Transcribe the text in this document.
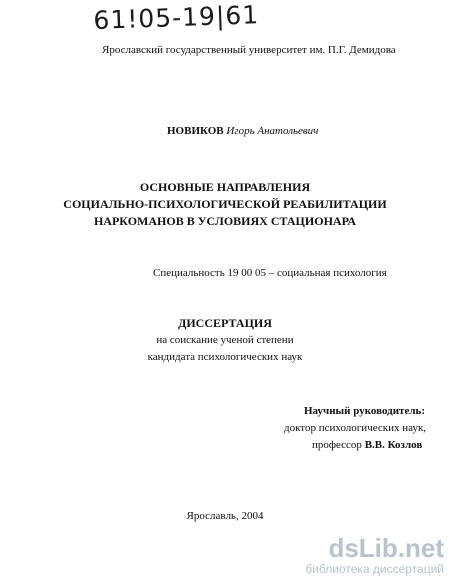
61!05-19|61
Ярославский государственный университет им. П.Г. Демидова
НОВИКОВ Игорь Анатольевич
ОСНОВНЫЕ НАПРАВЛЕНИЯ
СОЦИАЛЬНО-ПСИХОЛОГИЧЕСКОЙ РЕАБИЛИТАЦИИ
НАРКОМАНОВ В УСЛОВИЯХ СТАЦИОНАРА
Специальность 19 00 05 – социальная психология
ДИССЕРТАЦИЯ
на соискание ученой степени
кандидата психологических наук
Научный руководитель:
доктор психологических наук,
профессор В.В. Козлов
Ярославль, 2004
dsLib.net
библиотека диссертаций
